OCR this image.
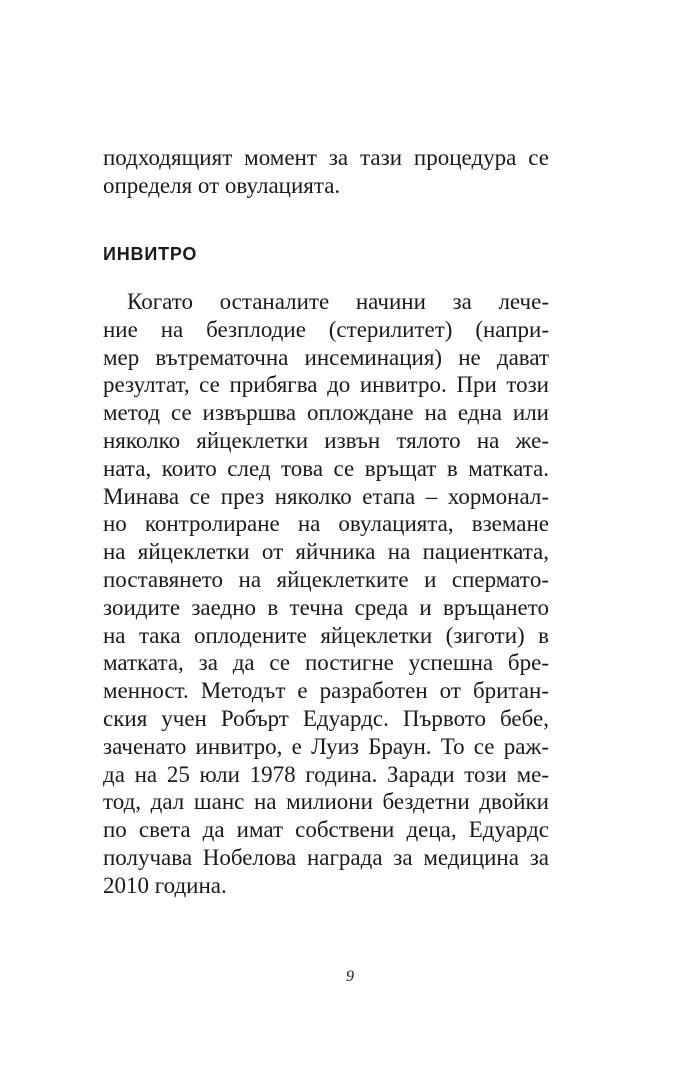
подходящият момент за тази процедура се
определя от овулацията.
ИНВИТРО
Когато останалите начини за лече-
ние на безплодие (стерилитет) (напри-
мер вътрематочна инсеминация) не дават
резултат, се прибягва до инвитро. При този
метод се извършва оплождане на една или
няколко яйцеклетки извън тялото на же-
ната, които след това се връщат в матката.
Минава се през няколко етапа – хормонал-
но контролиране на овулацията, вземане
на яйцеклетки от яйчника на пациентката,
поставянето на яйцеклетките и сперматo-
зоидите заедно в течна среда и връщането
на така оплодените яйцеклетки (зиготи) в
матката, за да се постигне успешна бре-
менност. Методът е разработен от британ-
ския учен Робърт Едуардс. Първото бебе,
заченато инвитро, е Луиз Браун. То се раж-
да на 25 юли 1978 година. Заради този ме-
тод, дал шанс на милиони бездетни двойки
по света да имат собствени деца, Едуардс
получава Нобелова награда за медицина за
2010 година.
9
